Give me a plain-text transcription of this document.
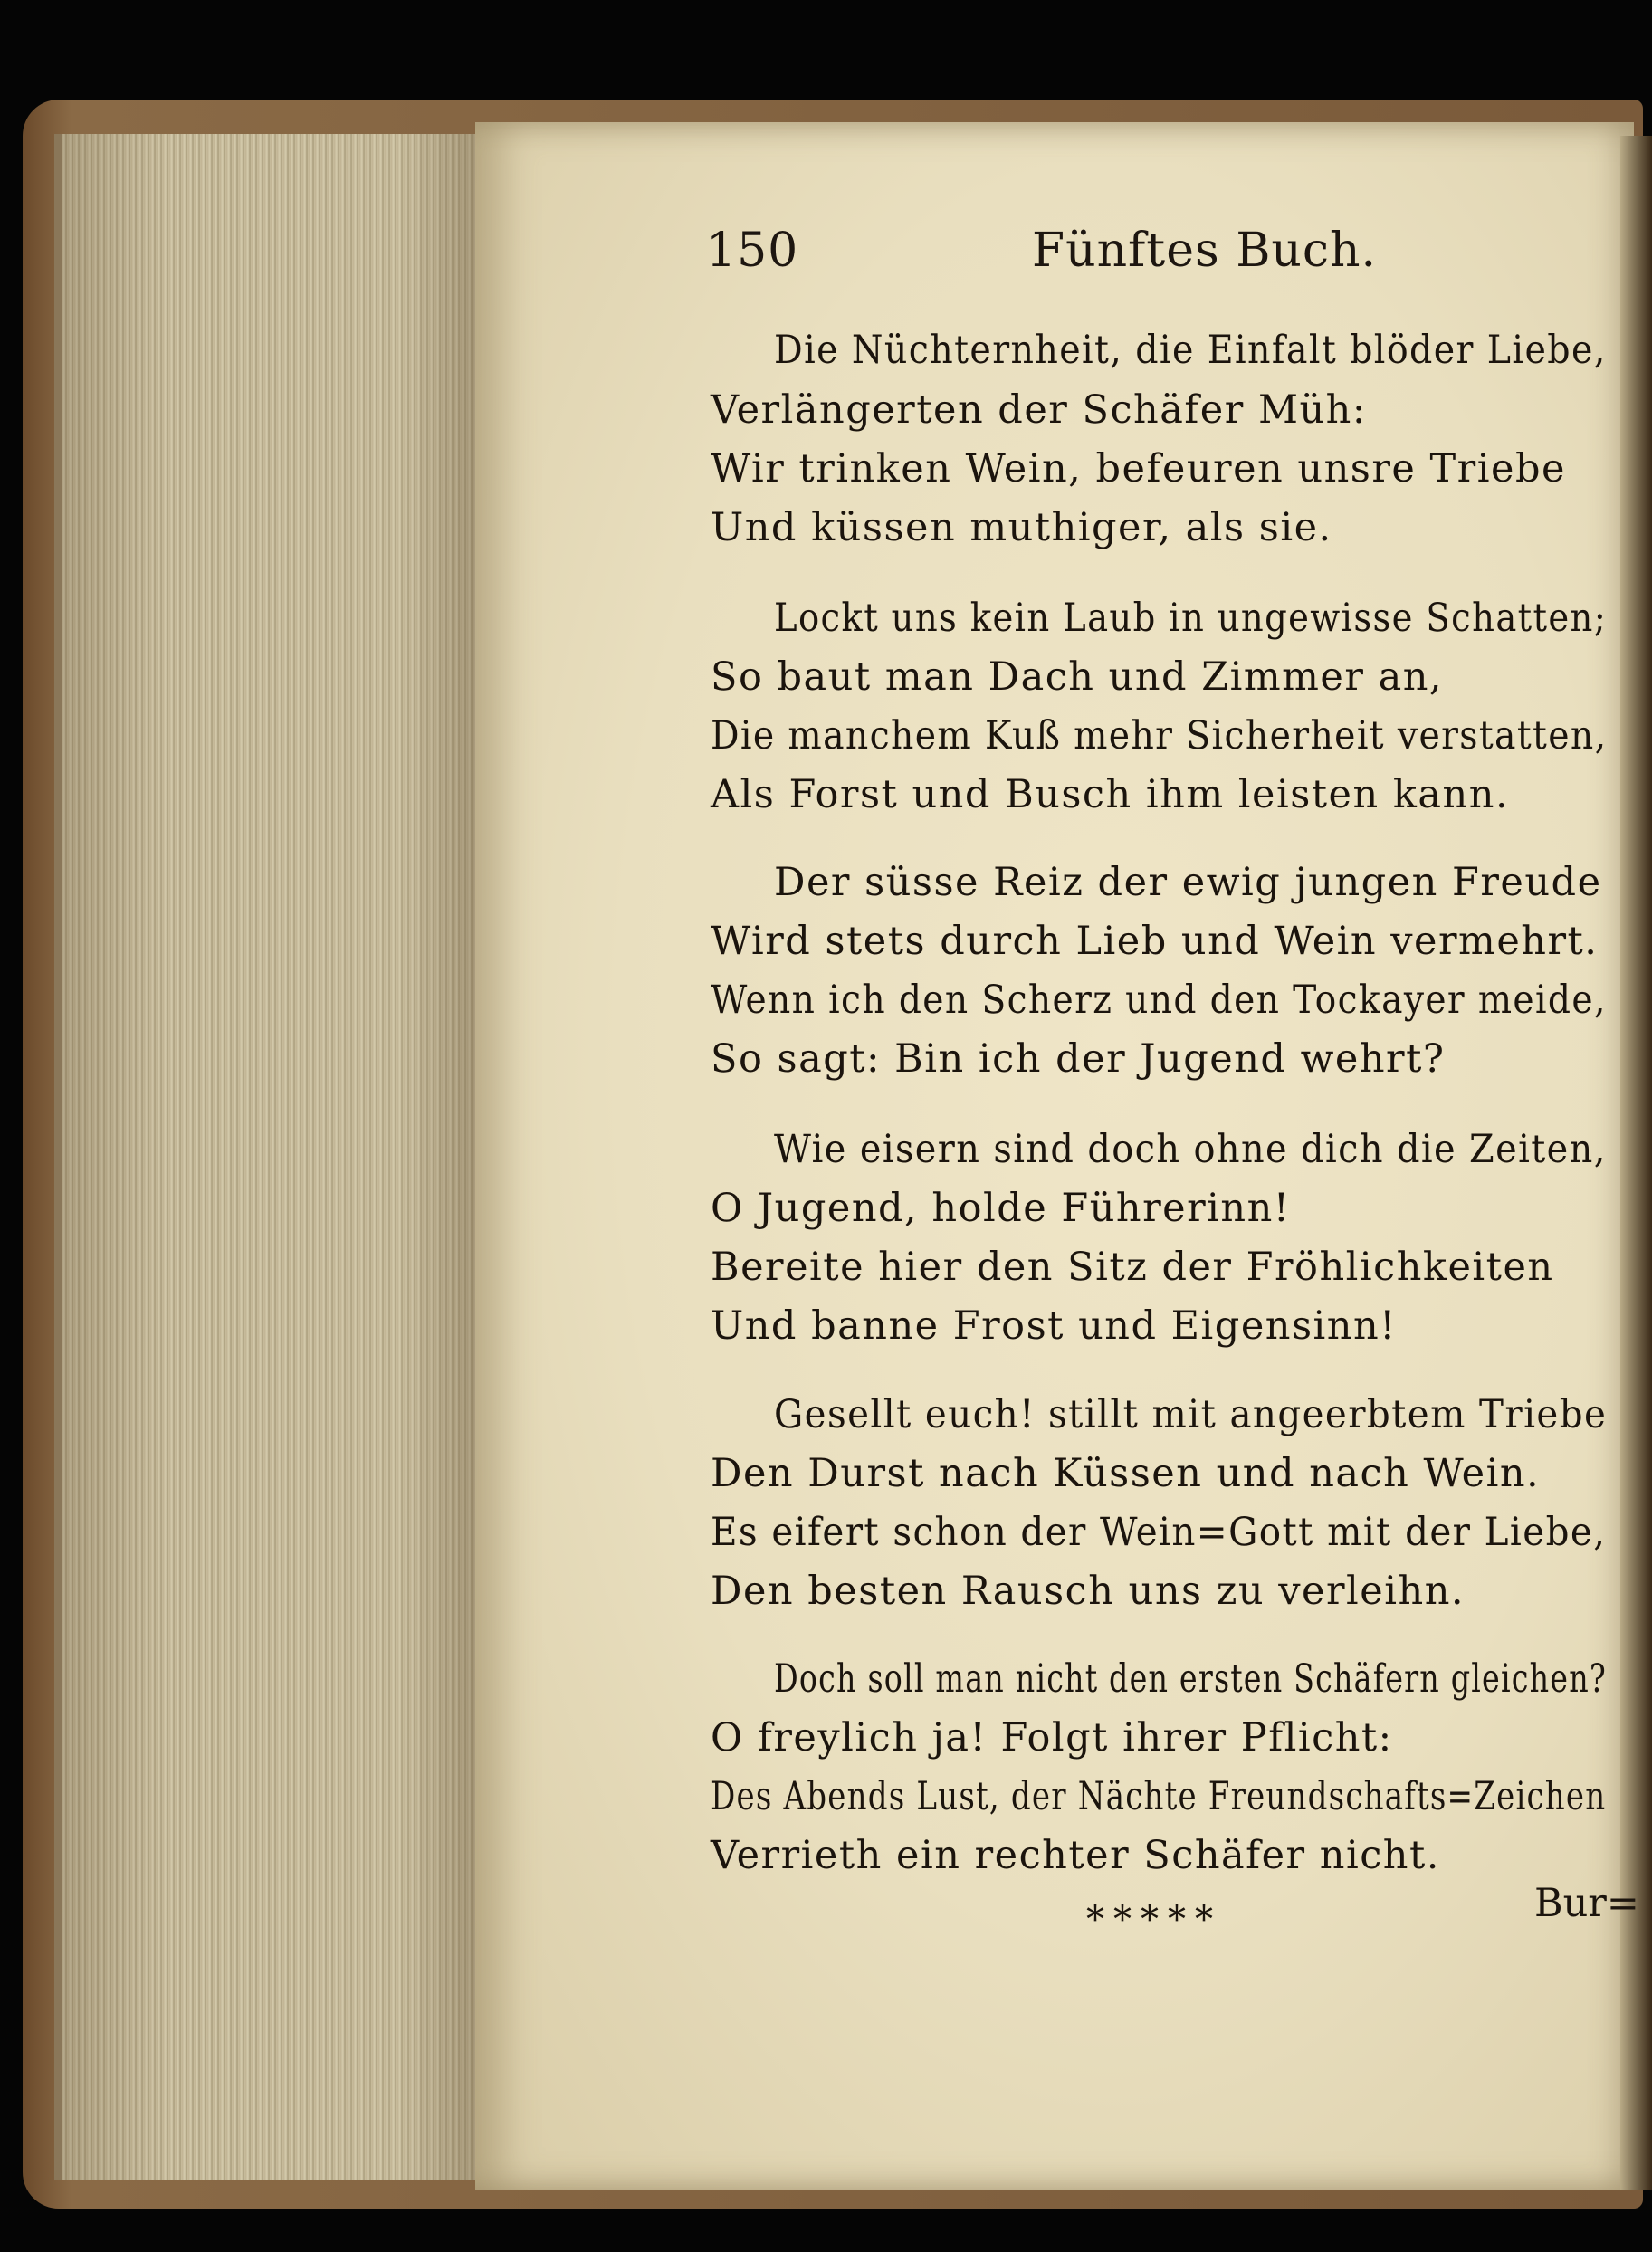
150	Fünftes Buch.
Die Nüchternheit, die Einfalt blöder Liebe,
Verlängerten der Schäfer Müh:
Wir trinken Wein, befeuren unsre Triebe
Und küssen muthiger, als sie.
Lockt uns kein Laub in ungewisse Schatten;
So baut man Dach und Zimmer an,
Die manchem Kuß mehr Sicherheit verstatten,
Als Forst und Busch ihm leisten kann.
Der süsse Reiz der ewig jungen Freude
Wird stets durch Lieb und Wein vermehrt.
Wenn ich den Scherz und den Tockayer meide,
So sagt: Bin ich der Jugend wehrt?
Wie eisern sind doch ohne dich die Zeiten,
O Jugend, holde Führerinn!
Bereite hier den Sitz der Fröhlichkeiten
Und banne Frost und Eigensinn!
Gesellt euch! stillt mit angeerbtem Triebe
Den Durst nach Küssen und nach Wein.
Es eifert schon der Wein=Gott mit der Liebe,
Den besten Rausch uns zu verleihn.
Doch soll man nicht den ersten Schäfern gleichen?
O freylich ja! Folgt ihrer Pflicht:
Des Abends Lust, der Nächte Freundschafts=Zeichen
Verrieth ein rechter Schäfer nicht.
*****	Bur=
